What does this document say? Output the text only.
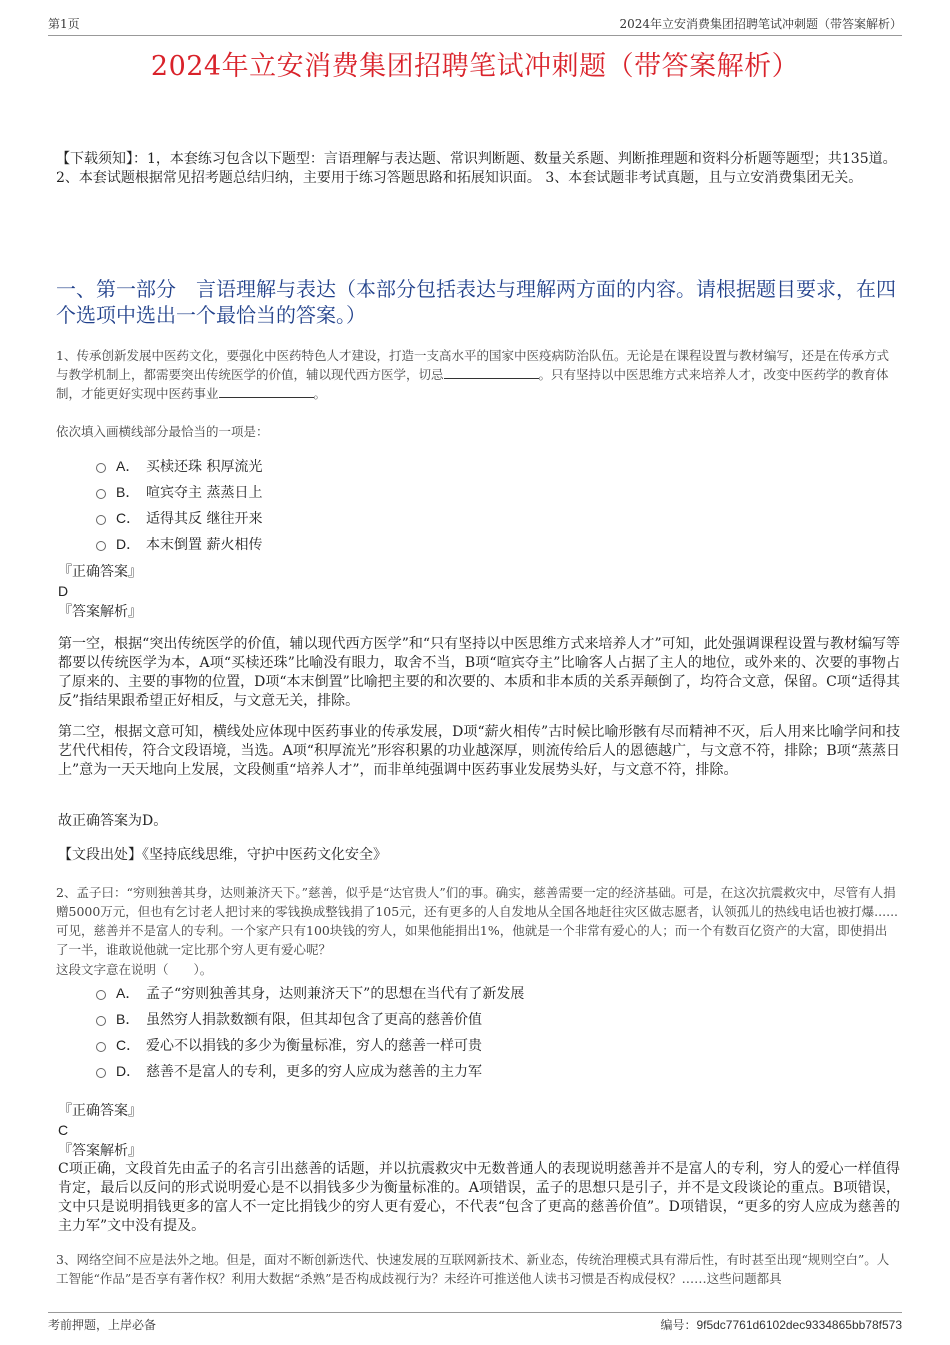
第1页	2024年立安消费集团招聘笔试冲刺题（带答案解析）
2024年立安消费集团招聘笔试冲刺题（带答案解析）
【下载须知】：1，本套练习包含以下题型：言语理解与表达题、常识判断题、数量关系题、判断推理题和资料分析题等题型；共135道。 2、本套试题根据常见招考题总结归纳，主要用于练习答题思路和拓展知识面。 3、本套试题非考试真题，且与立安消费集团无关。
一、第一部分　言语理解与表达（本部分包括表达与理解两方面的内容。请根据题目要求，在四个选项中选出一个最恰当的答案。）
1、传承创新发展中医药文化，要强化中医药特色人才建设，打造一支高水平的国家中医疫病防治队伍。无论是在课程设置与教材编写，还是在传承方式与教学机制上，都需要突出传统医学的价值，辅以现代西方医学，切忌	。只有坚持以中医思维方式来培养人才，改变中医药学的教育体制，才能更好实现中医药事业	。
依次填入画横线部分最恰当的一项是：
A． 买椟还珠 积厚流光
B． 喧宾夺主 蒸蒸日上
C． 适得其反 继往开来
D． 本末倒置 薪火相传
『正确答案』
D
『答案解析』
第一空，根据“突出传统医学的价值，辅以现代西方医学”和“只有坚持以中医思维方式来培养人才”可知，此处强调课程设置与教材编写等都要以传统医学为本，A项“买椟还珠”比喻没有眼力，取舍不当，B项“喧宾夺主”比喻客人占据了主人的地位，或外来的、次要的事物占了原来的、主要的事物的位置，D项“本末倒置”比喻把主要的和次要的、本质和非本质的关系弄颠倒了，均符合文意，保留。C项“适得其反”指结果跟希望正好相反，与文意无关，排除。
第二空，根据文意可知，横线处应体现中医药事业的传承发展，D项“薪火相传”古时候比喻形骸有尽而精神不灭，后人用来比喻学问和技艺代代相传，符合文段语境，当选。A项“积厚流光”形容积累的功业越深厚，则流传给后人的恩德越广，与文意不符，排除；B项“蒸蒸日上”意为一天天地向上发展，文段侧重“培养人才”，而非单纯强调中医药事业发展势头好，与文意不符，排除。
故正确答案为D。
【文段出处】《坚持底线思维，守护中医药文化安全》
2、孟子曰：“穷则独善其身，达则兼济天下。”慈善，似乎是“达官贵人”们的事。确实，慈善需要一定的经济基础。可是，在这次抗震救灾中，尽管有人捐赠5000万元，但也有乞讨老人把讨来的零钱换成整钱捐了105元，还有更多的人自发地从全国各地赶往灾区做志愿者，认领孤儿的热线电话也被打爆......可见，慈善并不是富人的专利。一个家产只有100块钱的穷人，如果他能捐出1%，他就是一个非常有爱心的人；而一个有数百亿资产的大富，即使捐出了一半，谁敢说他就一定比那个穷人更有爱心呢？
这段文字意在说明（　　）。
A． 孟子“穷则独善其身，达则兼济天下”的思想在当代有了新发展
B． 虽然穷人捐款数额有限，但其却包含了更高的慈善价值
C． 爱心不以捐钱的多少为衡量标准，穷人的慈善一样可贵
D． 慈善不是富人的专利，更多的穷人应成为慈善的主力军
『正确答案』
C
『答案解析』
C项正确，文段首先由孟子的名言引出慈善的话题，并以抗震救灾中无数普通人的表现说明慈善并不是富人的专利，穷人的爱心一样值得肯定，最后以反问的形式说明爱心是不以捐钱多少为衡量标准的。A项错误，孟子的思想只是引子，并不是文段谈论的重点。B项错误，文中只是说明捐钱更多的富人不一定比捐钱少的穷人更有爱心，不代表“包含了更高的慈善价值”。D项错误，“更多的穷人应成为慈善的主力军”文中没有提及。
3、网络空间不应是法外之地。但是，面对不断创新迭代、快速发展的互联网新技术、新业态，传统治理模式具有滞后性，有时甚至出现“规则空白”。人工智能“作品”是否享有著作权？利用大数据“杀熟”是否构成歧视行为？未经许可推送他人读书习惯是否构成侵权？……这些问题都具
考前押题，上岸必备	编号：9f5dc7761d6102dec9334865bb78f573
